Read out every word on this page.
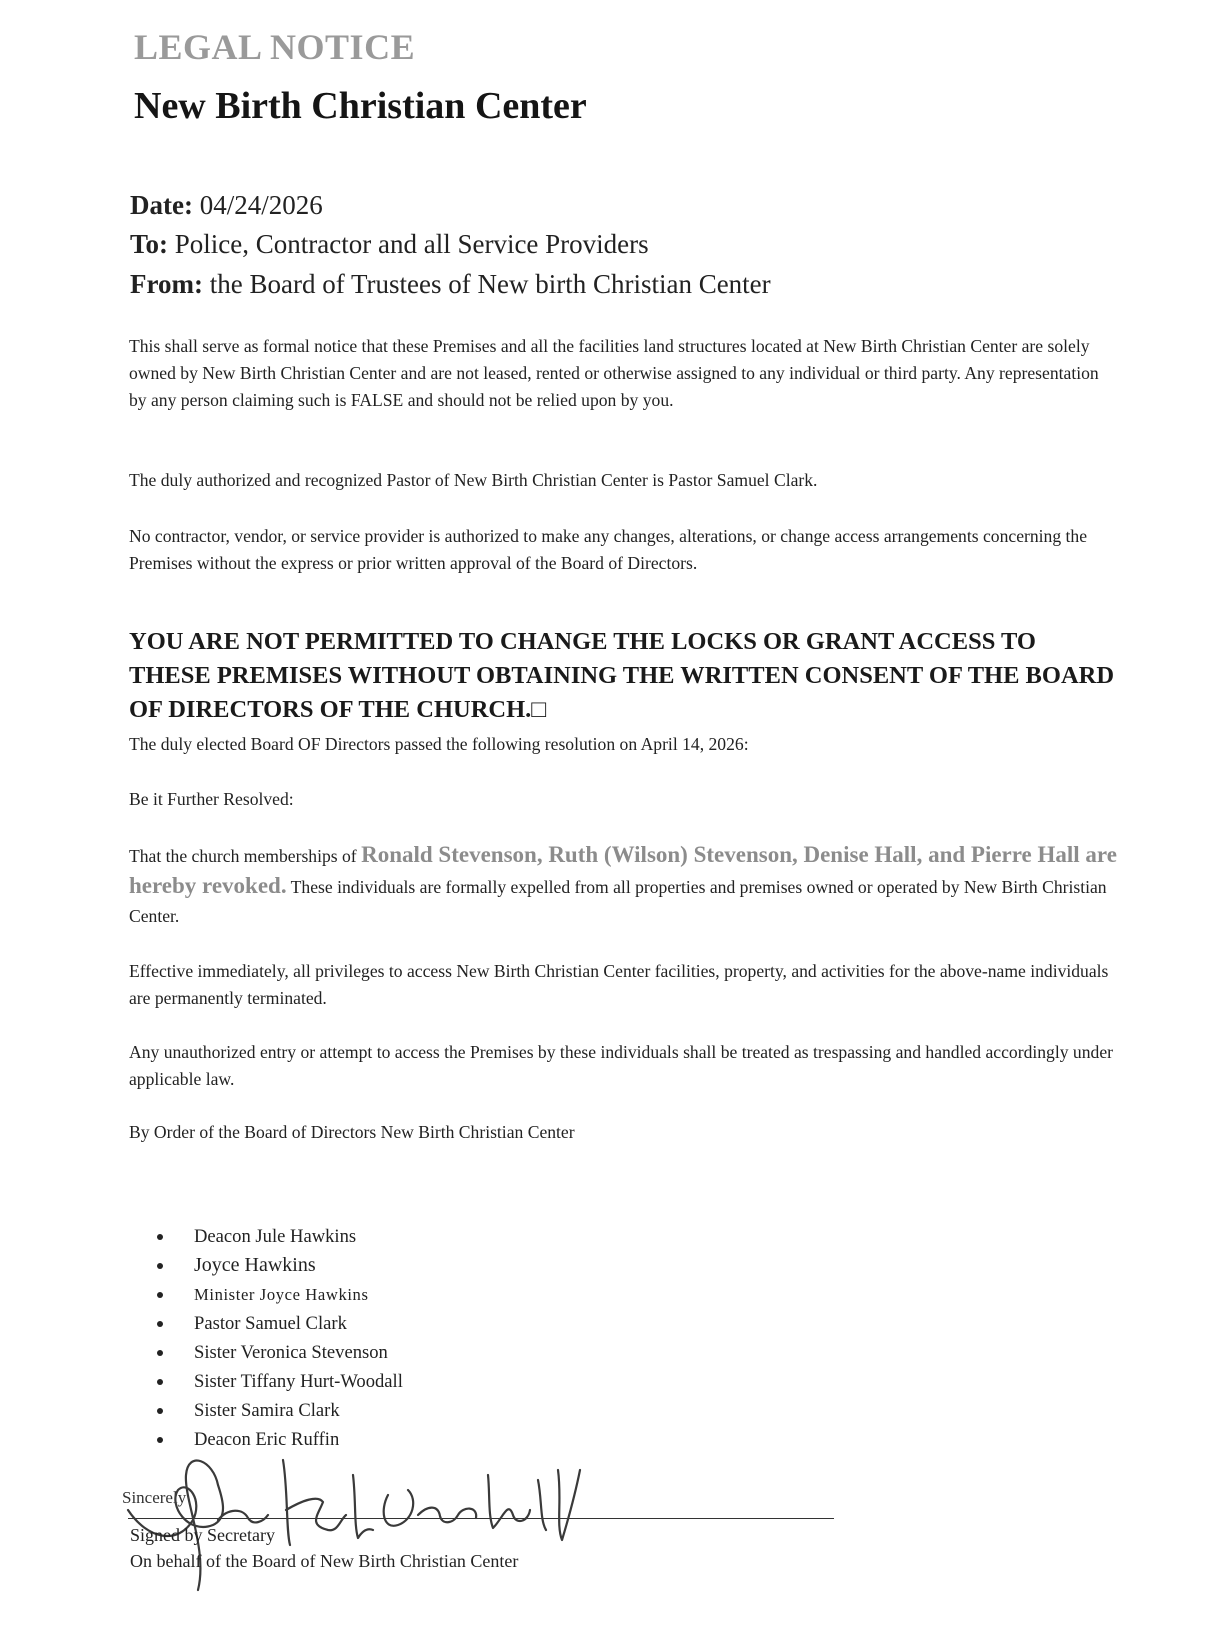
LEGAL NOTICE
New Birth Christian Center
Date: 04/24/2026
To: Police, Contractor and all Service Providers
From: the Board of Trustees of New birth Christian Center
This shall serve as formal notice that these Premises and all the facilities land structures located at New Birth Christian Center are solely owned by New Birth Christian Center and are not leased, rented or otherwise assigned to any individual or third party. Any representation by any person claiming such is FALSE and should not be relied upon by you.
The duly authorized and recognized Pastor of New Birth Christian Center is Pastor Samuel Clark.
No contractor, vendor, or service provider is authorized to make any changes, alterations, or change access arrangements concerning the Premises without the express or prior written approval of the Board of Directors.
YOU ARE NOT PERMITTED TO CHANGE THE LOCKS OR GRANT ACCESS TO THESE PREMISES WITHOUT OBTAINING THE WRITTEN CONSENT OF THE BOARD OF DIRECTORS OF THE CHURCH.□
The duly elected Board OF Directors passed the following resolution on April 14, 2026:
Be it Further Resolved:
That the church memberships of Ronald Stevenson, Ruth (Wilson) Stevenson, Denise Hall, and Pierre Hall are hereby revoked. These individuals are formally expelled from all properties and premises owned or operated by New Birth Christian Center.
Effective immediately, all privileges to access New Birth Christian Center facilities, property, and activities for the above-name individuals are permanently terminated.
Any unauthorized entry or attempt to access the Premises by these individuals shall be treated as trespassing and handled accordingly under applicable law.
By Order of the Board of Directors New Birth Christian Center
Deacon Jule Hawkins
Joyce Hawkins
Minister Joyce Hawkins
Pastor Samuel Clark
Sister Veronica Stevenson
Sister Tiffany Hurt-Woodall
Sister Samira Clark
Deacon Eric Ruffin
Sincerely
Tiffany Hurt Woodall
Signed by Secretary
On behalf of the Board of New Birth Christian Center
